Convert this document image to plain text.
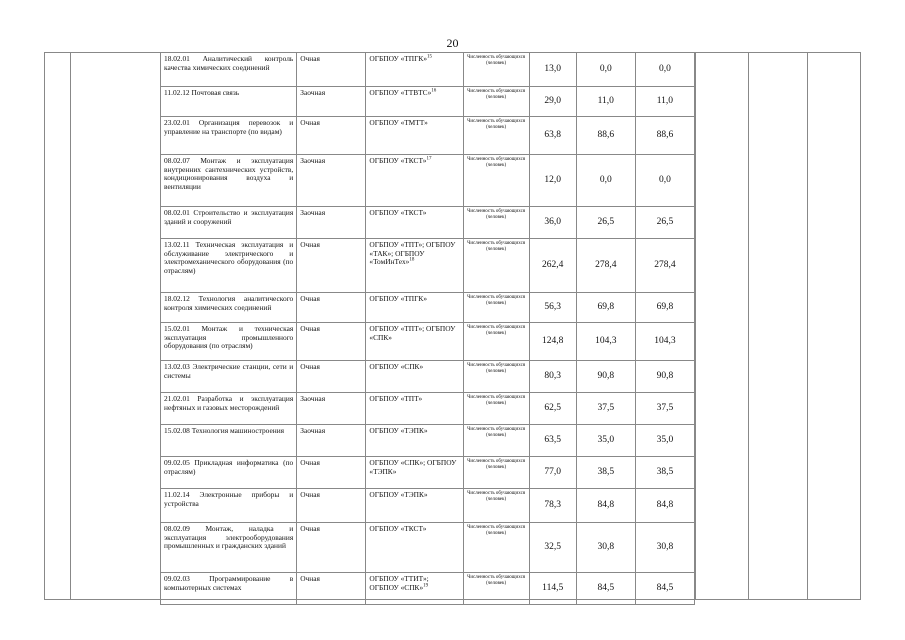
20
18.02.01 Аналитический контроль качества химических соединений	Очная	ОГБПОУ «ТПГК»$^{15}$	Численность обучающихся (человек)	13,0	0,0	0,0
11.02.12 Почтовая связь	Заочная	ОГБПОУ «ТТВТС»$^{16}$	Численность обучающихся (человек)	29,0	11,0	11,0
23.02.01 Организация перевозок и управление на транспорте (по видам)	Очная	ОГБПОУ «ТМТТ»	Численность обучающихся (человек)	63,8	88,6	88,6
08.02.07 Монтаж и эксплуатация внутренних сантехнических устройств, кондиционирования воздуха и вентиляции	Заочная	ОГБПОУ «ТКСТ»$^{17}$	Численность обучающихся (человек)	12,0	0,0	0,0
08.02.01 Строительство и эксплуатация зданий и сооружений	Заочная	ОГБПОУ «ТКСТ»	Численность обучающихся (человек)	36,0	26,5	26,5
13.02.11 Техническая эксплуатация и обслуживание электрического и электромеханического оборудования (по отраслям)	Очная	ОГБПОУ «ТПТ»; ОГБПОУ «ТАК»; ОГБПОУ «ТомИнТех»$^{18}$	Численность обучающихся (человек)	262,4	278,4	278,4
18.02.12 Технология аналитического контроля химических соединений	Очная	ОГБПОУ «ТПГК»	Численность обучающихся (человек)	56,3	69,8	69,8
15.02.01 Монтаж и техническая эксплуатация промышленного оборудования (по отраслям)	Очная	ОГБПОУ «ТПТ»; ОГБПОУ «СПК»	Численность обучающихся (человек)	124,8	104,3	104,3
13.02.03 Электрические станции, сети и системы	Очная	ОГБПОУ «СПК»	Численность обучающихся (человек)	80,3	90,8	90,8
21.02.01 Разработка и эксплуатация нефтяных и газовых месторождений	Заочная	ОГБПОУ «ТПТ»	Численность обучающихся (человек)	62,5	37,5	37,5
15.02.08 Технология машиностроения	Заочная	ОГБПОУ «ТЭПК»	Численность обучающихся (человек)	63,5	35,0	35,0
09.02.05 Прикладная информатика (по отраслям)	Очная	ОГБПОУ «СПК»; ОГБПОУ «ТЭПК»	Численность обучающихся (человек)	77,0	38,5	38,5
11.02.14 Электронные приборы и устройства	Очная	ОГБПОУ «ТЭПК»	Численность обучающихся (человек)	78,3	84,8	84,8
08.02.09 Монтаж, наладка и эксплуатация электрооборудования промышленных и гражданских зданий	Очная	ОГБПОУ «ТКСТ»	Численность обучающихся (человек)	32,5	30,8	30,8
09.02.03 Программирование в компьютерных системах	Очная	ОГБПОУ «ТТИТ»; ОГБПОУ «СПК»$^{19}$	Численность обучающихся (человек)	114,5	84,5	84,5
